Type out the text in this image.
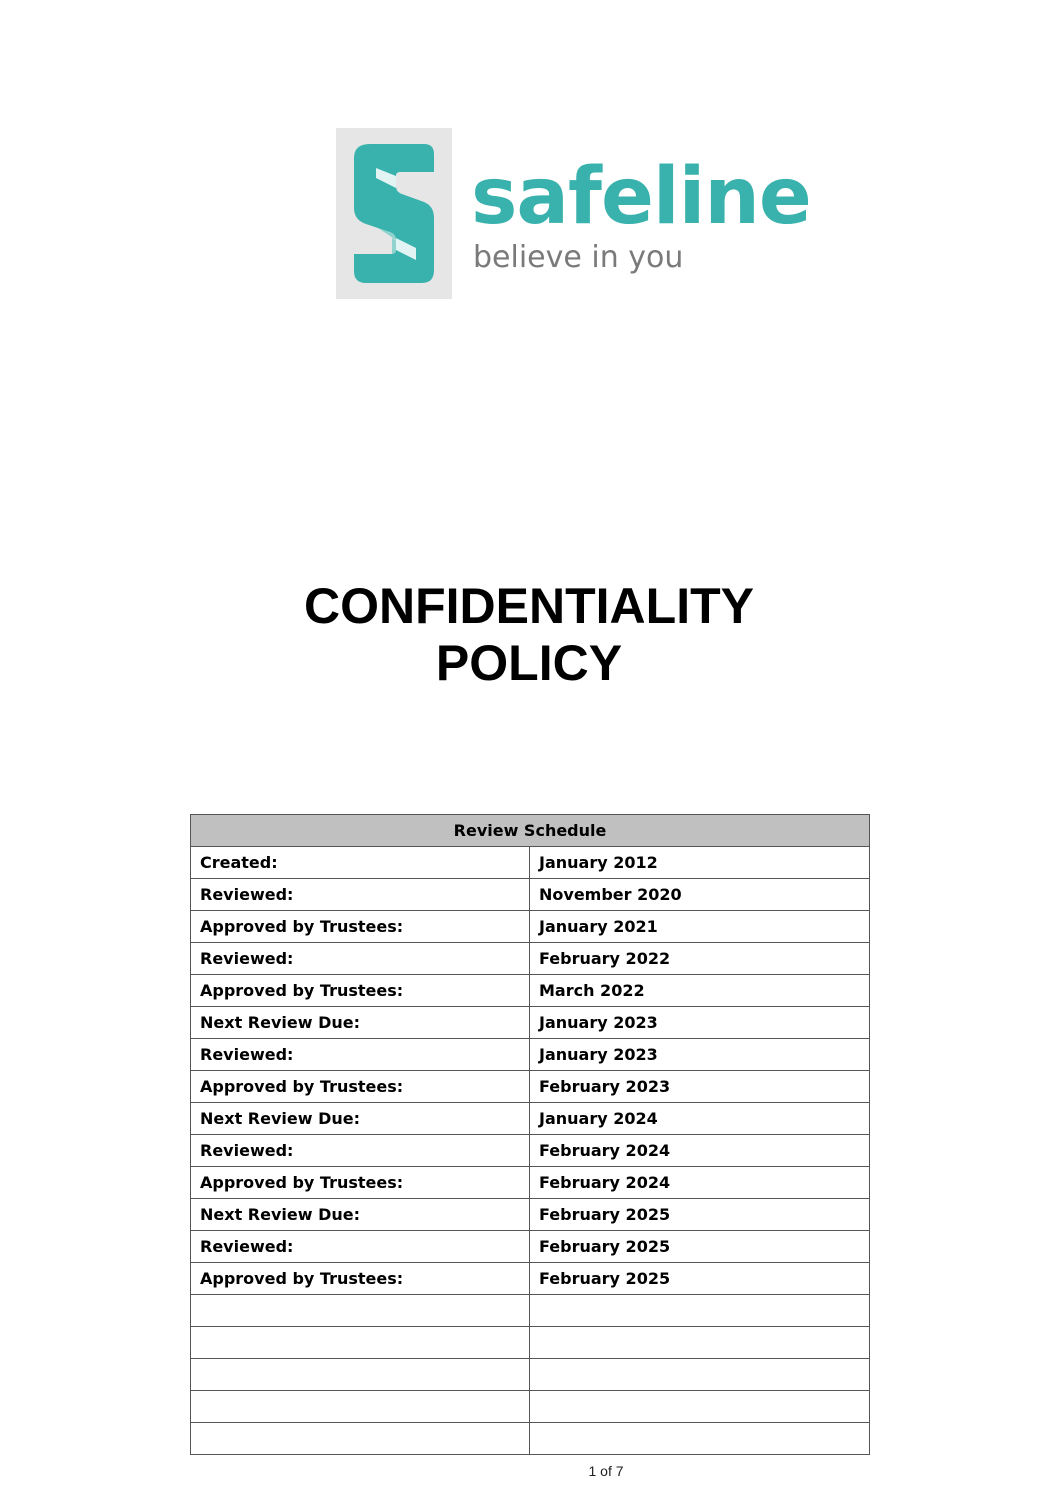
safeline
believe in you
CONFIDENTIALITY
POLICY
Review Schedule	
Created:	January 2012
Reviewed:	November 2020
Approved by Trustees:	January 2021
Reviewed:	February 2022
Approved by Trustees:	March 2022
Next Review Due:	January 2023
Reviewed:	January 2023
Approved by Trustees:	February 2023
Next Review Due:	January 2024
Reviewed:	February 2024
Approved by Trustees:	February 2024
Next Review Due:	February 2025
Reviewed:	February 2025
Approved by Trustees:	February 2025

1 of 7
